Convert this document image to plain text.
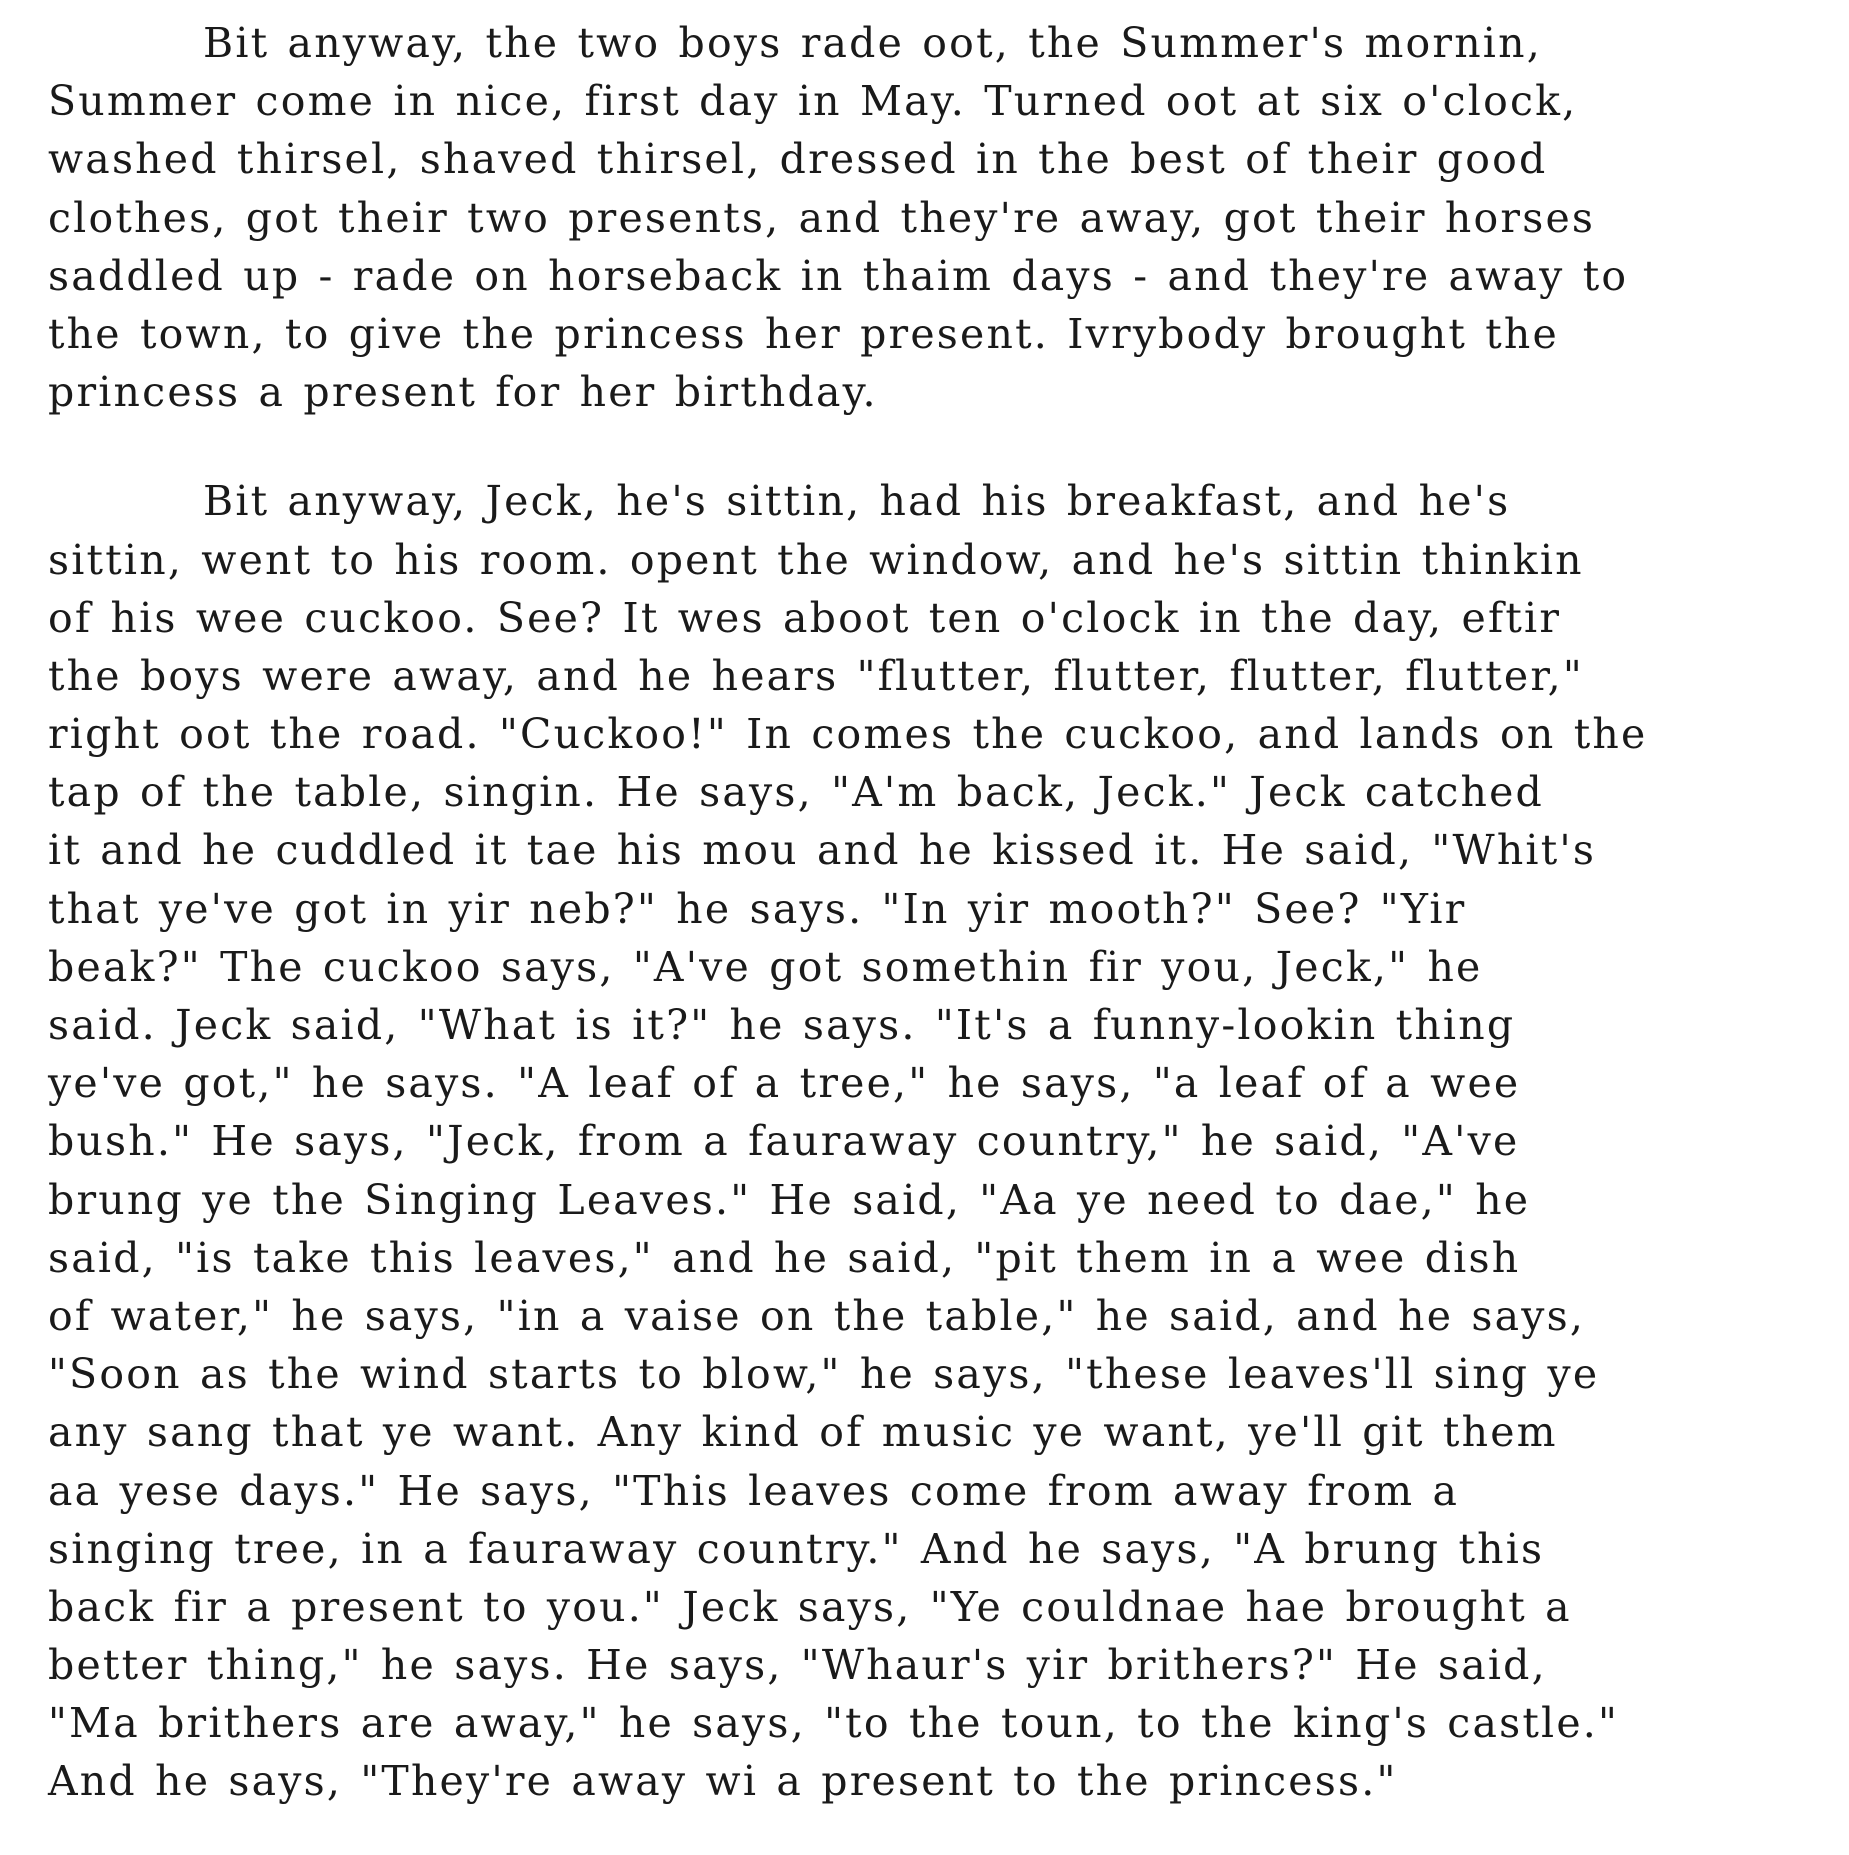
Bit anyway, the two boys rade oot, the Summer's mornin,
Summer come in nice, first day in May. Turned oot at six o'clock,
washed thirsel, shaved thirsel, dressed in the best of their good
clothes, got their two presents, and they're away, got their horses
saddled up - rade on horseback in thaim days - and they're away to
the town, to give the princess her present. Ivrybody brought the
princess a present for her birthday.
Bit anyway, Jeck, he's sittin, had his breakfast, and he's
sittin, went to his room. opent the window, and he's sittin thinkin
of his wee cuckoo. See? It wes aboot ten o'clock in the day, eftir
the boys were away, and he hears "flutter, flutter, flutter, flutter,"
right oot the road. "Cuckoo!" In comes the cuckoo, and lands on the
tap of the table, singin. He says, "A'm back, Jeck." Jeck catched
it and he cuddled it tae his mou and he kissed it. He said, "Whit's
that ye've got in yir neb?" he says. "In yir mooth?" See? "Yir
beak?" The cuckoo says, "A've got somethin fir you, Jeck," he
said. Jeck said, "What is it?" he says. "It's a funny-lookin thing
ye've got," he says. "A leaf of a tree," he says, "a leaf of a wee
bush." He says, "Jeck, from a fauraway country," he said, "A've
brung ye the Singing Leaves." He said, "Aa ye need to dae," he
said, "is take this leaves," and he said, "pit them in a wee dish
of water," he says, "in a vaise on the table," he said, and he says,
"Soon as the wind starts to blow," he says, "these leaves'll sing ye
any sang that ye want. Any kind of music ye want, ye'll git them
aa yese days." He says, "This leaves come from away from a
singing tree, in a fauraway country." And he says, "A brung this
back fir a present to you." Jeck says, "Ye couldnae hae brought a
better thing," he says. He says, "Whaur's yir brithers?" He said,
"Ma brithers are away," he says, "to the toun, to the king's castle."
And he says, "They're away wi a present to the princess."
